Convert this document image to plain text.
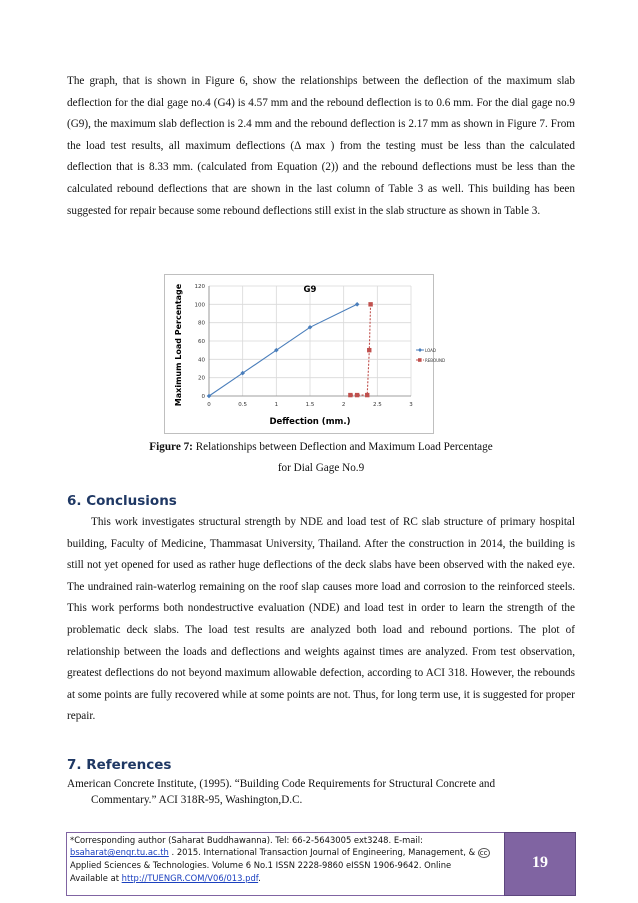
The graph, that is shown in Figure 6, show the relationships between the deflection of the maximum slab deflection for the dial gage no.4 (G4) is 4.57 mm and the rebound deflection is to 0.6 mm. For the dial gage no.9 (G9), the maximum slab deflection is 2.4 mm and the rebound deflection is 2.17 mm as shown in Figure 7. From the load test results, all maximum deflections (Δ max ) from the testing must be less than the calculated deflection that is 8.33 mm. (calculated from Equation (2)) and the rebound deflections must be less than the calculated rebound deflections that are shown in the last column of Table 3 as well. This building has been suggested for repair because some rebound deflections still exist in the slab structure as shown in Table 3.

0	0.5	1	1.5	2	2.5	3
0
20
40
60
80
100
120	G9
Deffection (mm.)
Maximum Load Percentage	LOAD
REBOUND
Figure 7: Relationships between Deflection and Maximum Load Percentage
for Dial Gage No.9
6. Conclusions

This work investigates structural strength by NDE and load test of RC slab structure of primary hospital building, Faculty of Medicine, Thammasat University, Thailand. After the construction in 2014, the building is still not yet opened for used as rather huge deflections of the deck slabs have been observed with the naked eye. The undrained rain-waterlog remaining on the roof slap causes more load and corrosion to the reinforced steels. This work performs both nondestructive evaluation (NDE) and load test in order to learn the strength of the problematic deck slabs. The load test results are analyzed both load and rebound portions. The plot of relationship between the loads and deflections and weights against times are analyzed. From test observation, greatest deflections do not beyond maximum allowable defection, according to ACI 318. However, the rebounds at some points are fully recovered while at some points are not. Thus, for long term use, it is suggested for proper repair.

7. References
American Concrete Institute, (1995). “Building Code Requirements for Structural Concrete and
Commentary.” ACI 318R-95, Washington,D.C.
*Corresponding author (Saharat Buddhawanna). Tel: 66-2-5643005 ext3248. E-mail:
bsaharat@engr.tu.ac.th . 2015. International Transaction Journal of Engineering, Management, & cc
Applied Sciences & Technologies. Volume 6 No.1 ISSN 2228-9860 eISSN 1906-9642. Online
Available at http://TUENGR.COM/V06/013.pdf.
19
